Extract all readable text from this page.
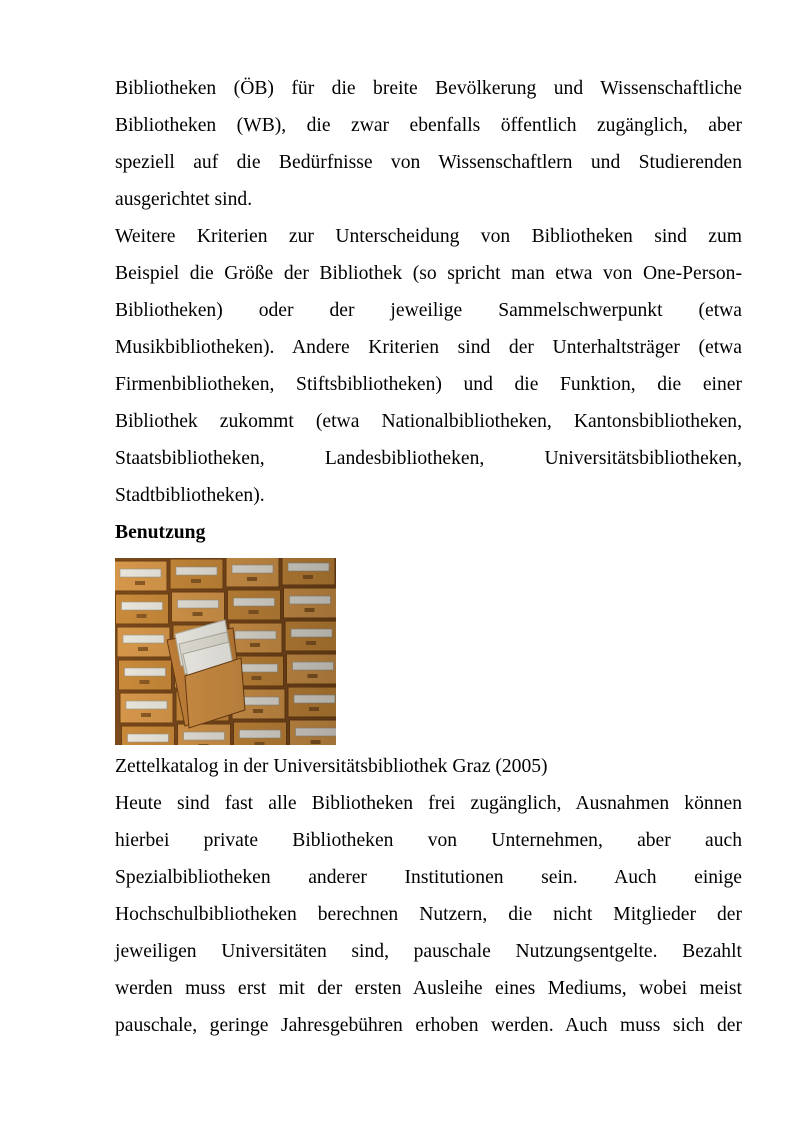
Bibliotheken (ÖB) für die breite Bevölkerung und Wissenschaftliche
Bibliotheken (WB), die zwar ebenfalls öffentlich zugänglich, aber
speziell auf die Bedürfnisse von Wissenschaftlern und Studierenden
ausgerichtet sind.
Weitere Kriterien zur Unterscheidung von Bibliotheken sind zum
Beispiel die Größe der Bibliothek (so spricht man etwa von One-Person-
Bibliotheken) oder der jeweilige Sammelschwerpunkt (etwa
Musikbibliotheken). Andere Kriterien sind der Unterhaltsträger (etwa
Firmenbibliotheken, Stiftsbibliotheken) und die Funktion, die einer
Bibliothek zukommt (etwa Nationalbibliotheken, Kantonsbibliotheken,
Staatsbibliotheken, Landesbibliotheken, Universitätsbibliotheken,
Stadtbibliotheken).
Benutzung
Zettelkatalog in der Universitätsbibliothek Graz (2005)
Heute sind fast alle Bibliotheken frei zugänglich, Ausnahmen können
hierbei private Bibliotheken von Unternehmen, aber auch
Spezialbibliotheken anderer Institutionen sein. Auch einige
Hochschulbibliotheken berechnen Nutzern, die nicht Mitglieder der
jeweiligen Universitäten sind, pauschale Nutzungsentgelte. Bezahlt
werden muss erst mit der ersten Ausleihe eines Mediums, wobei meist
pauschale, geringe Jahresgebühren erhoben werden. Auch muss sich der
